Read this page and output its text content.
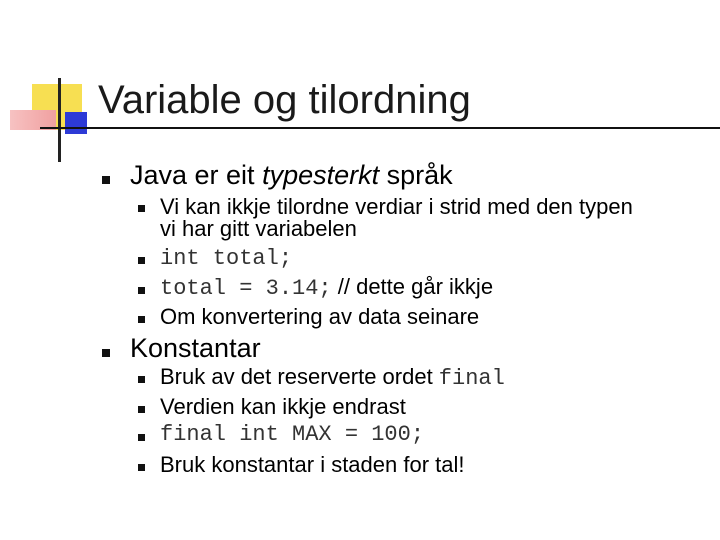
Variable og tilordning
Java er eit typesterkt språk
Vi kan ikkje tilordne verdiar i strid med den typen
vi har gitt variabelen
int total;
total = 3.14; // dette går ikkje
Om konvertering av data seinare
Konstantar
Bruk av det reserverte ordet final
Verdien kan ikkje endrast
final int MAX = 100;
Bruk konstantar i staden for tal!
